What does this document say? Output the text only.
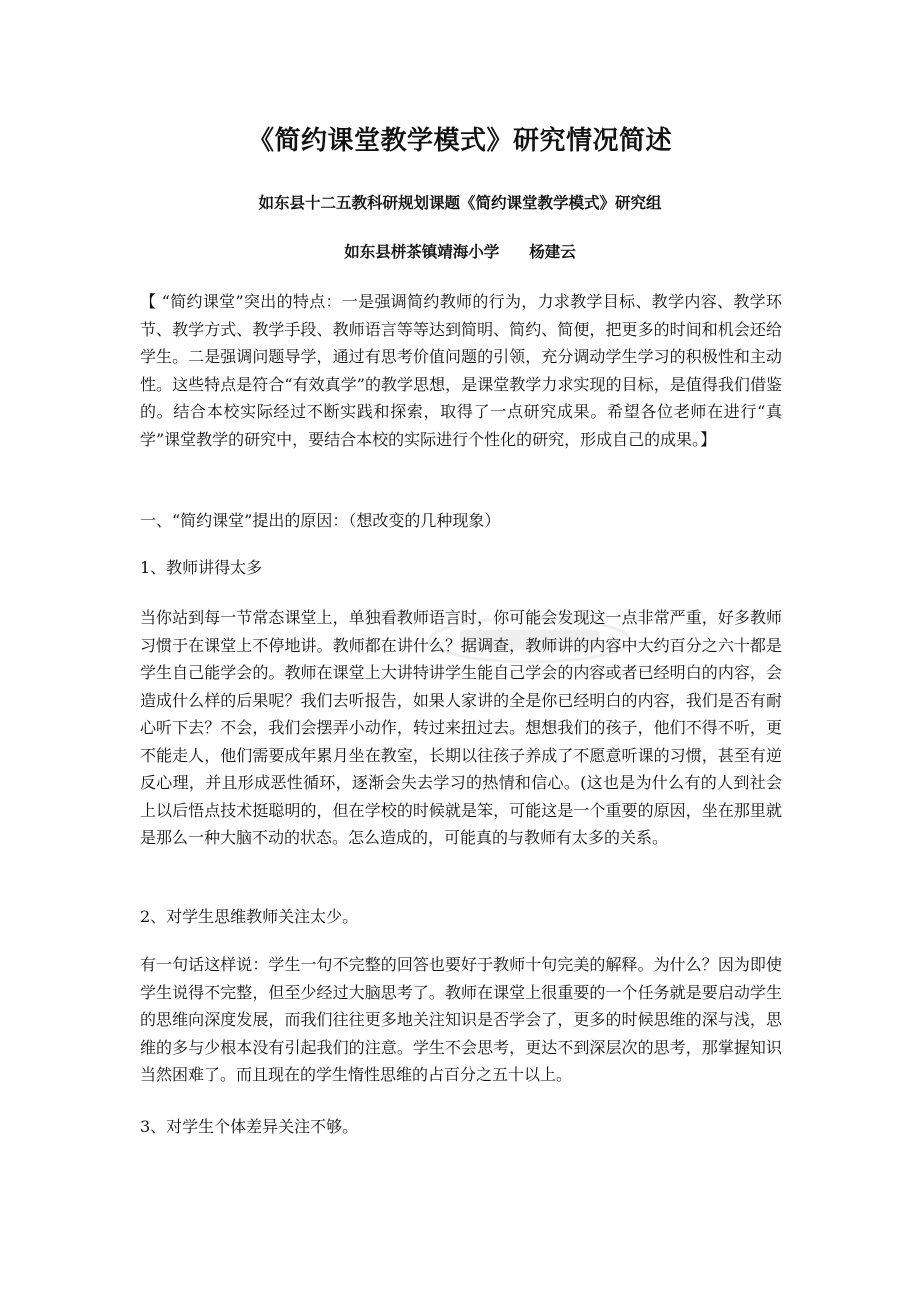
《简约课堂教学模式》研究情况简述
如东县十二五教科研规划课题《简约课堂教学模式》研究组
如东县栟茶镇靖海小学 杨建云
【 “简约课堂”突出的特点：一是强调简约教师的行为，力求教学目标、教学内容、教学环节、教学方式、教学手段、教师语言等等达到简明、简约、简便，把更多的时间和机会还给学生。二是强调问题导学，通过有思考价值问题的引领，充分调动学生学习的积极性和主动性。这些特点是符合“有效真学”的教学思想，是课堂教学力求实现的目标，是值得我们借鉴的。结合本校实际经过不断实践和探索，取得了一点研究成果。希望各位老师在进行“真学”课堂教学的研究中，要结合本校的实际进行个性化的研究，形成自己的成果。】
一、“简约课堂”提出的原因：（想改变的几种现象）
1、教师讲得太多
当你站到每一节常态课堂上，单独看教师语言时，你可能会发现这一点非常严重，好多教师习惯于在课堂上不停地讲。教师都在讲什么？据调查，教师讲的内容中大约百分之六十都是学生自己能学会的。教师在课堂上大讲特讲学生能自己学会的内容或者已经明白的内容，会造成什么样的后果呢？我们去听报告，如果人家讲的全是你已经明白的内容，我们是否有耐心听下去？不会，我们会摆弄小动作，转过来扭过去。想想我们的孩子，他们不得不听，更不能走人，他们需要成年累月坐在教室，长期以往孩子养成了不愿意听课的习惯，甚至有逆反心理，并且形成恶性循环，逐渐会失去学习的热情和信心。(这也是为什么有的人到社会上以后悟点技术挺聪明的，但在学校的时候就是笨，可能这是一个重要的原因，坐在那里就是那么一种大脑不动的状态。怎么造成的，可能真的与教师有太多的关系。
2、对学生思维教师关注太少。
有一句话这样说：学生一句不完整的回答也要好于教师十句完美的解释。为什么？因为即使学生说得不完整，但至少经过大脑思考了。教师在课堂上很重要的一个任务就是要启动学生的思维向深度发展，而我们往往更多地关注知识是否学会了，更多的时候思维的深与浅，思维的多与少根本没有引起我们的注意。学生不会思考，更达不到深层次的思考，那掌握知识当然困难了。而且现在的学生惰性思维的占百分之五十以上。
3、对学生个体差异关注不够。
